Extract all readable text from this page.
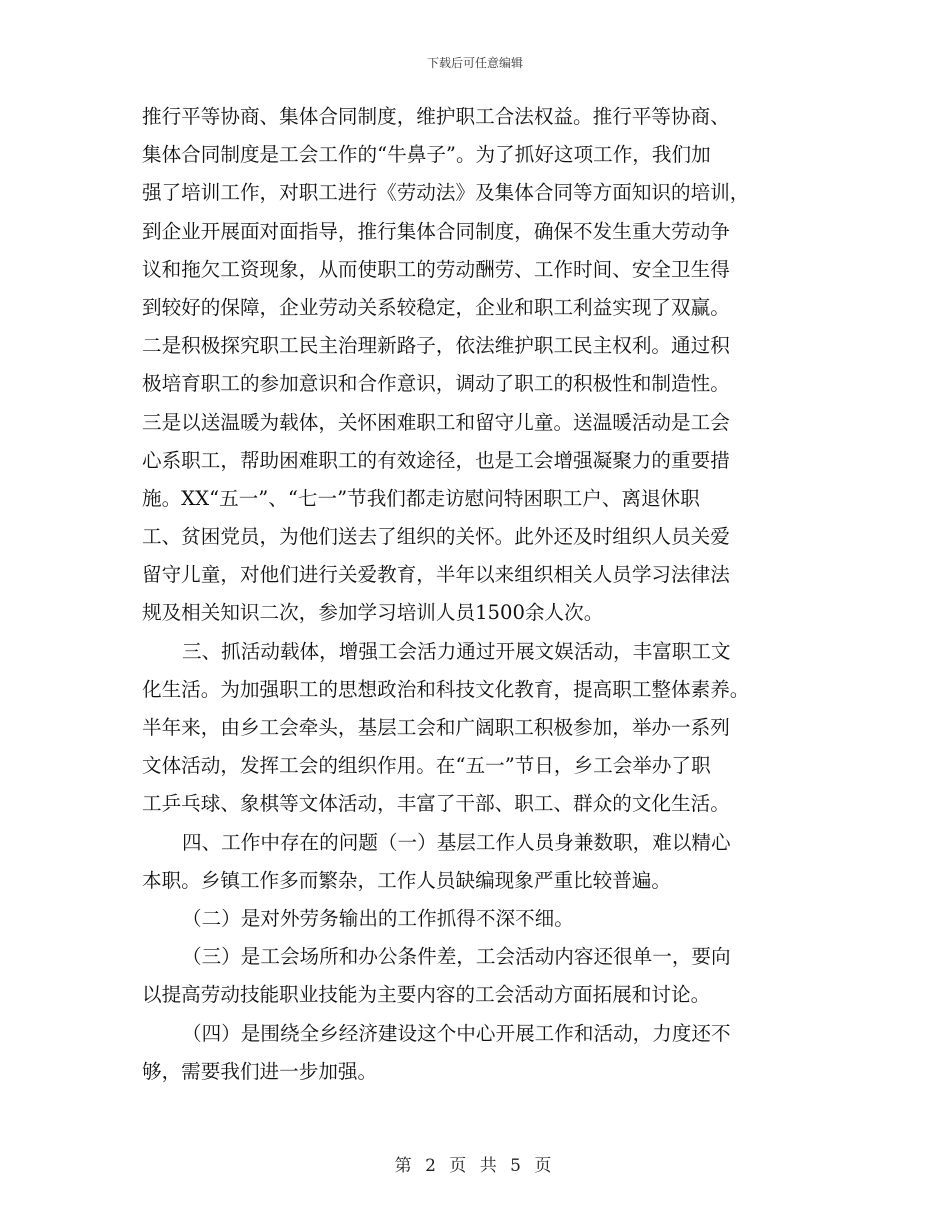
下载后可任意编辑
推行平等协商、集体合同制度，维护职工合法权益。推行平等协商、
集体合同制度是工会工作的“牛鼻子”。为了抓好这项工作，我们加
强了培训工作，对职工进行《劳动法》及集体合同等方面知识的培训，
到企业开展面对面指导，推行集体合同制度，确保不发生重大劳动争
议和拖欠工资现象，从而使职工的劳动酬劳、工作时间、安全卫生得
到较好的保障，企业劳动关系较稳定，企业和职工利益实现了双赢。
二是积极探究职工民主治理新路子，依法维护职工民主权利。通过积
极培育职工的参加意识和合作意识，调动了职工的积极性和制造性。
三是以送温暖为载体，关怀困难职工和留守儿童。送温暖活动是工会
心系职工，帮助困难职工的有效途径，也是工会增强凝聚力的重要措
施。XX“五一”、“七一”节我们都走访慰问特困职工户、离退休职
工、贫困党员，为他们送去了组织的关怀。此外还及时组织人员关爱
留守儿童，对他们进行关爱教育，半年以来组织相关人员学习法律法
规及相关知识二次，参加学习培训人员1500余人次。
三、抓活动载体，增强工会活力通过开展文娱活动，丰富职工文
化生活。为加强职工的思想政治和科技文化教育，提高职工整体素养。
半年来，由乡工会牵头，基层工会和广阔职工积极参加，举办一系列
文体活动，发挥工会的组织作用。在“五一”节日，乡工会举办了职
工乒乓球、象棋等文体活动，丰富了干部、职工、群众的文化生活。
四、工作中存在的问题（一）基层工作人员身兼数职，难以精心
本职。乡镇工作多而繁杂，工作人员缺编现象严重比较普遍。
（二）是对外劳务输出的工作抓得不深不细。
（三）是工会场所和办公条件差，工会活动内容还很单一，要向
以提高劳动技能职业技能为主要内容的工会活动方面拓展和讨论。
（四）是围绕全乡经济建设这个中心开展工作和活动，力度还不
够，需要我们进一步加强。
第 2 页 共 5 页
